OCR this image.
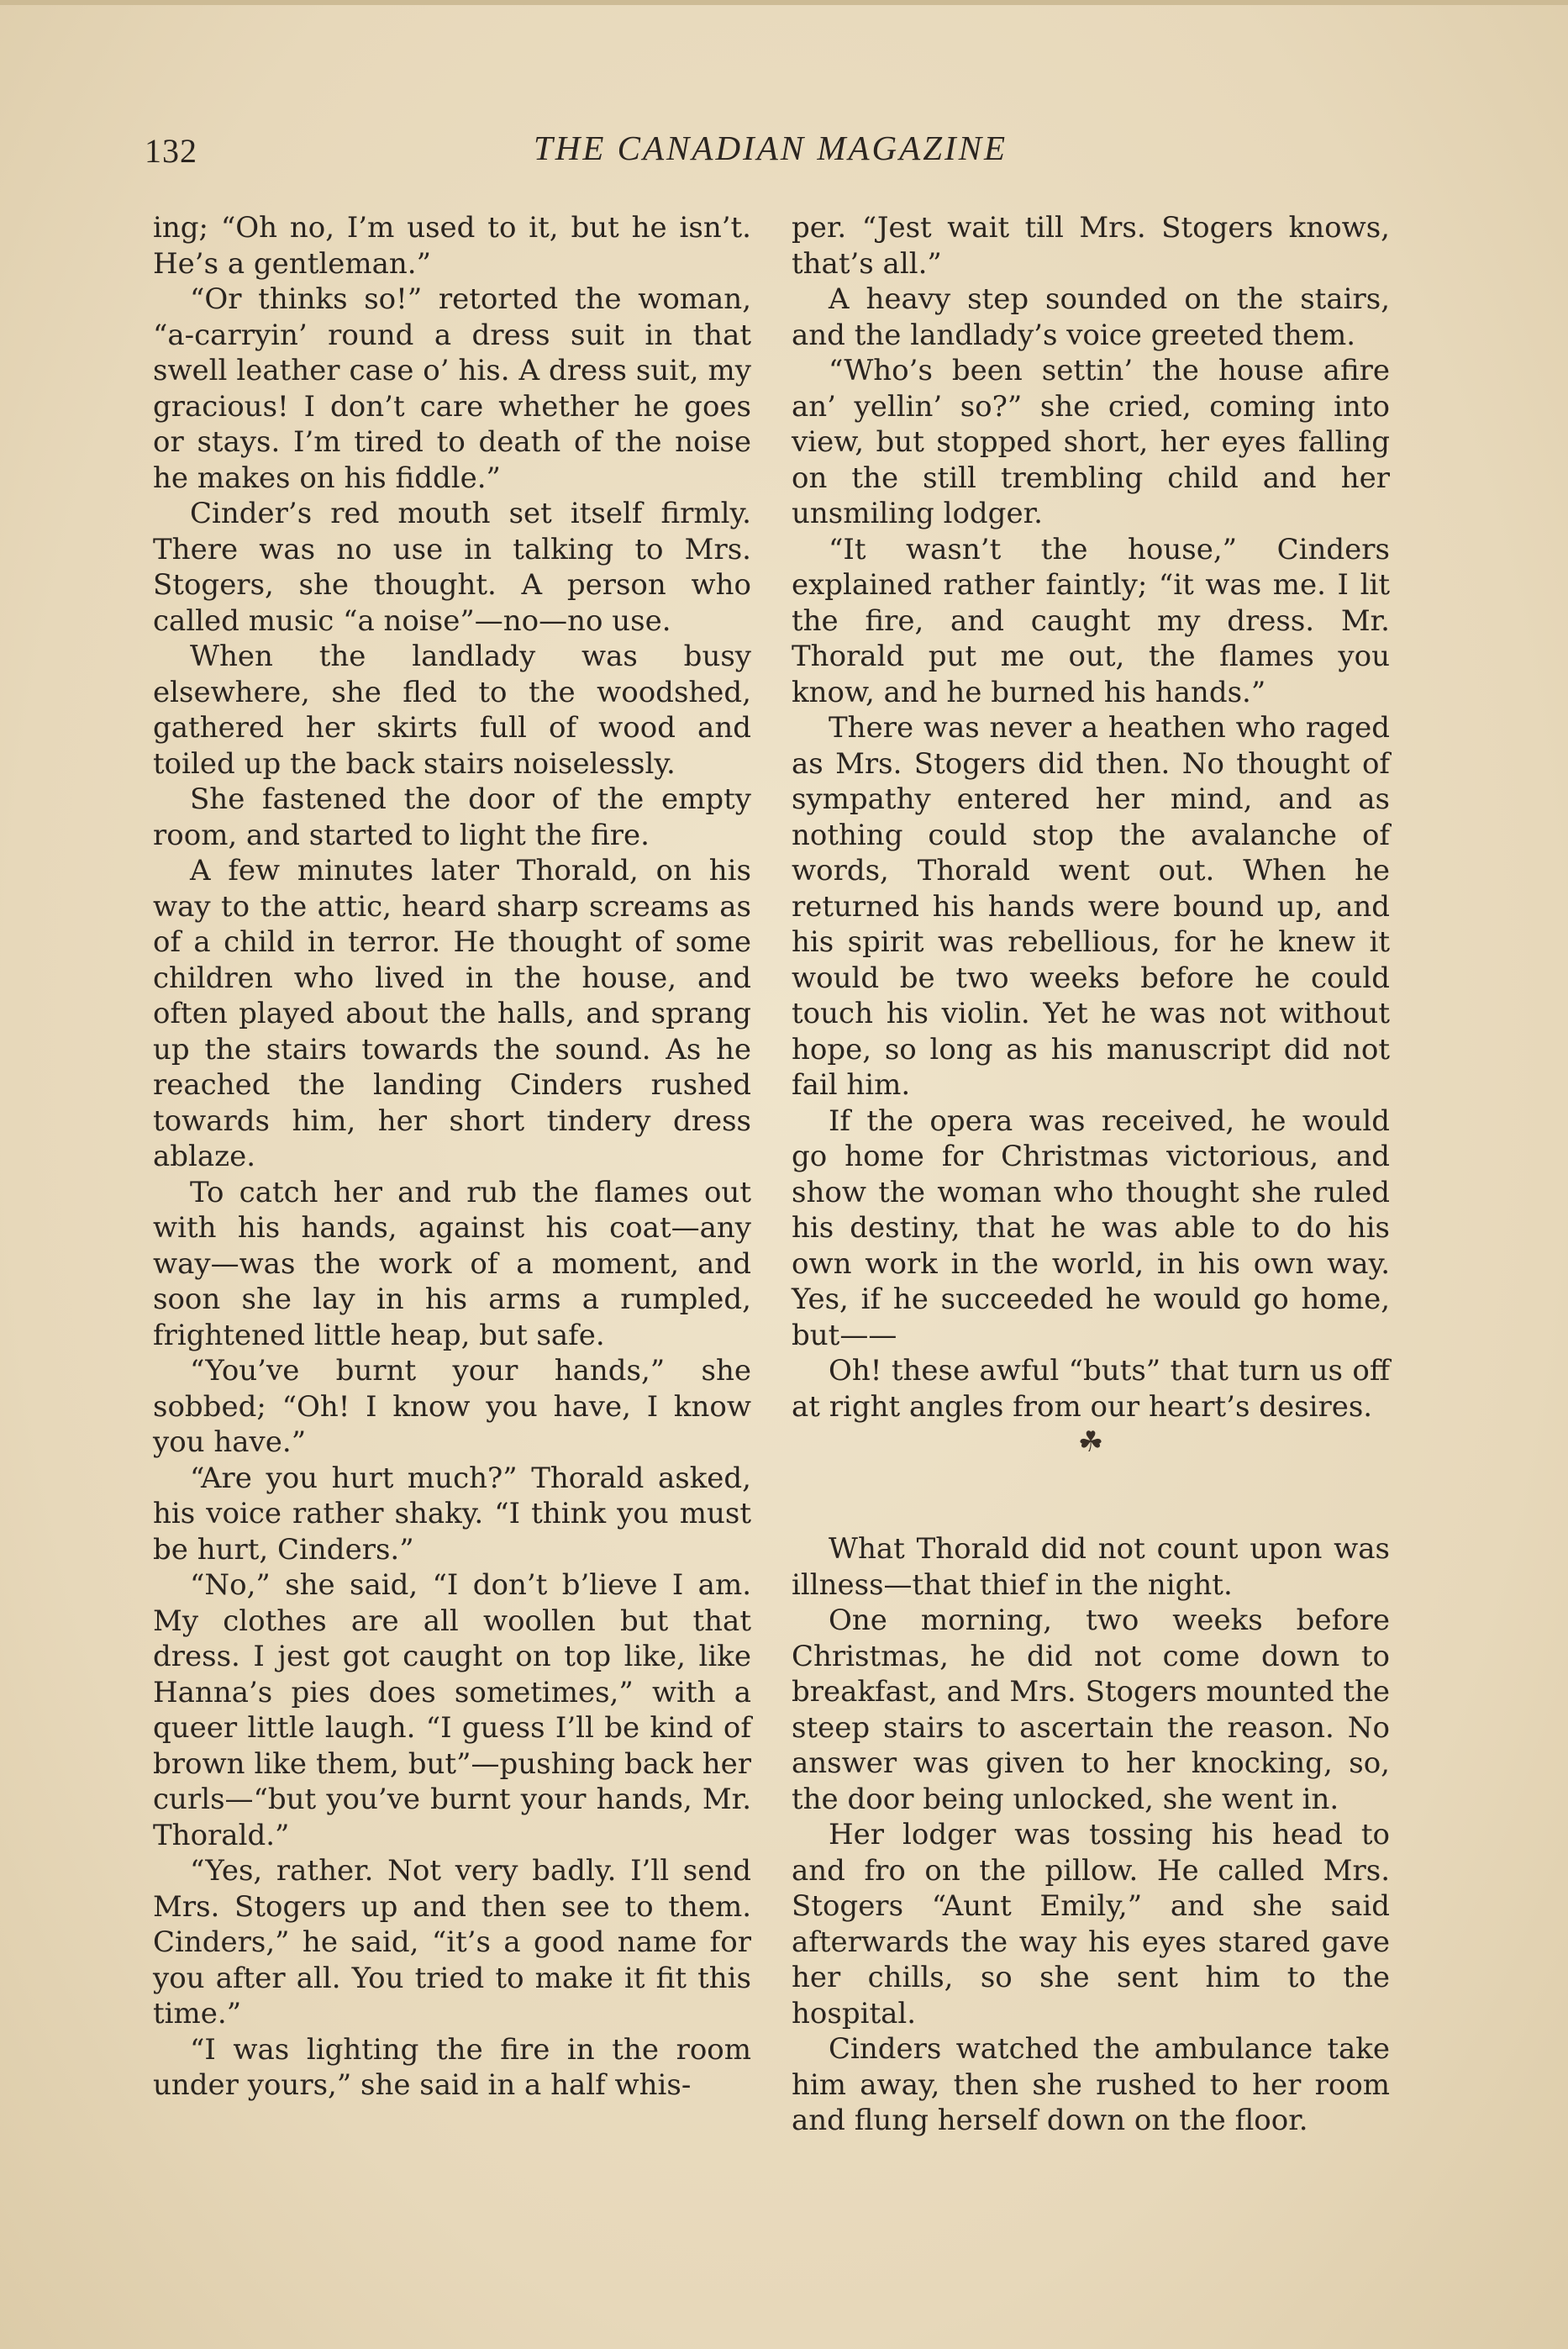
THE CANADIAN MAGAZINE
132

ing; “Oh no, I’m used to it, but he isn’t. He’s a gentleman.”

“Or thinks so!” retorted the woman, “a-carryin’ round a dress suit in that swell leather case o’ his. A dress suit, my gracious! I don’t care whether he goes or stays. I’m tired to death of the noise he makes on his fiddle.”

Cinder’s red mouth set itself firmly. There was no use in talking to Mrs. Stogers, she thought. A person who called music “a noise”—no—no use.

When the landlady was busy elsewhere, she fled to the woodshed, gathered her skirts full of wood and toiled up the back stairs noiselessly.

She fastened the door of the empty room, and started to light the fire.

A few minutes later Thorald, on his way to the attic, heard sharp screams as of a child in terror. He thought of some children who lived in the house, and often played about the halls, and sprang up the stairs towards the sound. As he reached the landing Cinders rushed towards him, her short tindery dress ablaze.

To catch her and rub the flames out with his hands, against his coat—any way—was the work of a moment, and soon she lay in his arms a rumpled, frightened little heap, but safe.

“You’ve burnt your hands,” she sobbed; “Oh! I know you have, I know you have.”

“Are you hurt much?” Thorald asked, his voice rather shaky. “I think you must be hurt, Cinders.”

“No,” she said, “I don’t b’lieve I am. My clothes are all woollen but that dress. I jest got caught on top like, like Hanna’s pies does sometimes,” with a queer little laugh. “I guess I’ll be kind of brown like them, but”—pushing back her curls—“but you’ve burnt your hands, Mr. Thorald.”

“Yes, rather. Not very badly. I’ll send Mrs. Stogers up and then see to them. Cinders,” he said, “it’s a good name for you after all. You tried to make it fit this time.”

“I was lighting the fire in the room under yours,” she said in a half whis-

per. “Jest wait till Mrs. Stogers knows, that’s all.”

A heavy step sounded on the stairs, and the landlady’s voice greeted them.

“Who’s been settin’ the house afire an’ yellin’ so?” she cried, coming into view, but stopped short, her eyes falling on the still trembling child and her unsmiling lodger.

“It wasn’t the house,” Cinders explained rather faintly; “it was me. I lit the fire, and caught my dress. Mr. Thorald put me out, the flames you know, and he burned his hands.”

There was never a heathen who raged as Mrs. Stogers did then. No thought of sympathy entered her mind, and as nothing could stop the avalanche of words, Thorald went out. When he returned his hands were bound up, and his spirit was rebellious, for he knew it would be two weeks before he could touch his violin. Yet he was not without hope, so long as his manuscript did not fail him.

If the opera was received, he would go home for Christmas victorious, and show the woman who thought she ruled his destiny, that he was able to do his own work in the world, in his own way. Yes, if he succeeded he would go home, but——

Oh! these awful “buts” that turn us off at right angles from our heart’s desires.

☘

What Thorald did not count upon was illness—that thief in the night.

One morning, two weeks before Christmas, he did not come down to breakfast, and Mrs. Stogers mounted the steep stairs to ascertain the reason. No answer was given to her knocking, so, the door being unlocked, she went in.

Her lodger was tossing his head to and fro on the pillow. He called Mrs. Stogers “Aunt Emily,” and she said afterwards the way his eyes stared gave her chills, so she sent him to the hospital.

Cinders watched the ambulance take him away, then she rushed to her room and flung herself down on the floor.
